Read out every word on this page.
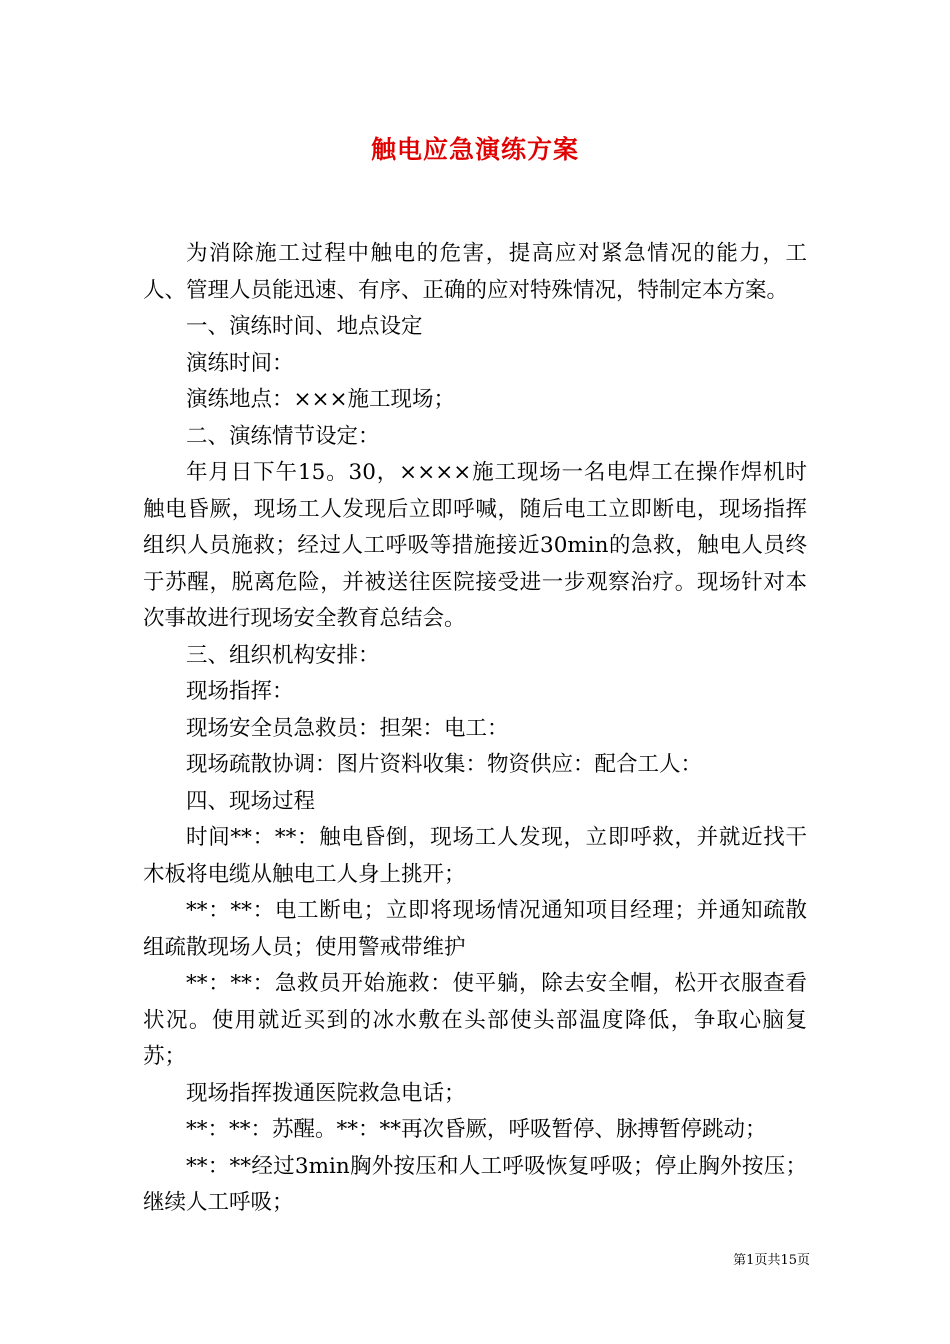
触电应急演练方案

为消除施工过程中触电的危害，提高应对紧急情况的能力，工人、管理人员能迅速、有序、正确的应对特殊情况，特制定本方案。

一、演练时间、地点设定

演练时间：

演练地点：×××施工现场；

二、演练情节设定：

年月日下午15。30，××××施工现场一名电焊工在操作焊机时触电昏厥，现场工人发现后立即呼喊，随后电工立即断电，现场指挥组织人员施救；经过人工呼吸等措施接近30min的急救，触电人员终于苏醒，脱离危险，并被送往医院接受进一步观察治疗。现场针对本次事故进行现场安全教育总结会。

三、组织机构安排：

现场指挥：

现场安全员急救员：担架：电工：

现场疏散协调：图片资料收集：物资供应：配合工人：

四、现场过程

时间**：**：触电昏倒，现场工人发现，立即呼救，并就近找干木板将电缆从触电工人身上挑开；

**：**：电工断电；立即将现场情况通知项目经理；并通知疏散组疏散现场人员；使用警戒带维护

**：**：急救员开始施救：使平躺，除去安全帽，松开衣服查看状况。使用就近买到的冰水敷在头部使头部温度降低，争取心脑复苏；

现场指挥拨通医院救急电话；

**：**：苏醒。**：**再次昏厥，呼吸暂停、脉搏暂停跳动；

**：**经过3min胸外按压和人工呼吸恢复呼吸；停止胸外按压；继续人工呼吸；

第1页共15页
